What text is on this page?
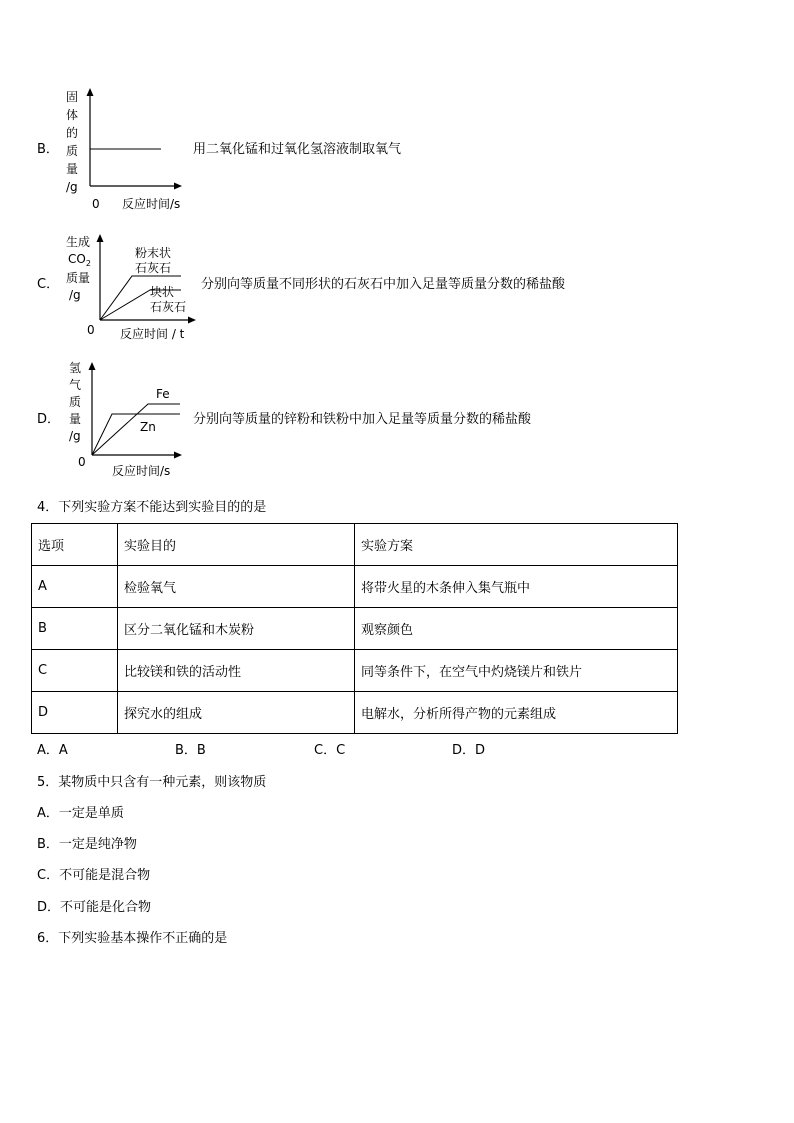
B．
固
体
的
质
量
/g
0 反应时间/s
用二氧化锰和过氧化氢溶液制取氧气
C．
生成
$CO_2$
质量
/g
粉末状
石灰石
块状
石灰石
0 反应时间 / t
分别向等质量不同形状的石灰石中加入足量等质量分数的稀盐酸
D．
氢
气
质
量
/g
Fe
Zn
0
反应时间/s
分别向等质量的锌粉和铁粉中加入足量等质量分数的稀盐酸
4．下列实验方案不能达到实验目的的是
选项	实验目的	实验方案
A	检验氧气	将带火星的木条伸入集气瓶中
B	区分二氧化锰和木炭粉	观察颜色
C	比较镁和铁的活动性	同等条件下，在空气中灼烧镁片和铁片
D	探究水的组成	电解水，分析所得产物的元素组成
A．A	B．B	C．C	D．D
5．某物质中只含有一种元素，则该物质
A．一定是单质
B．一定是纯净物
C．不可能是混合物
D．不可能是化合物
6．下列实验基本操作不正确的是
